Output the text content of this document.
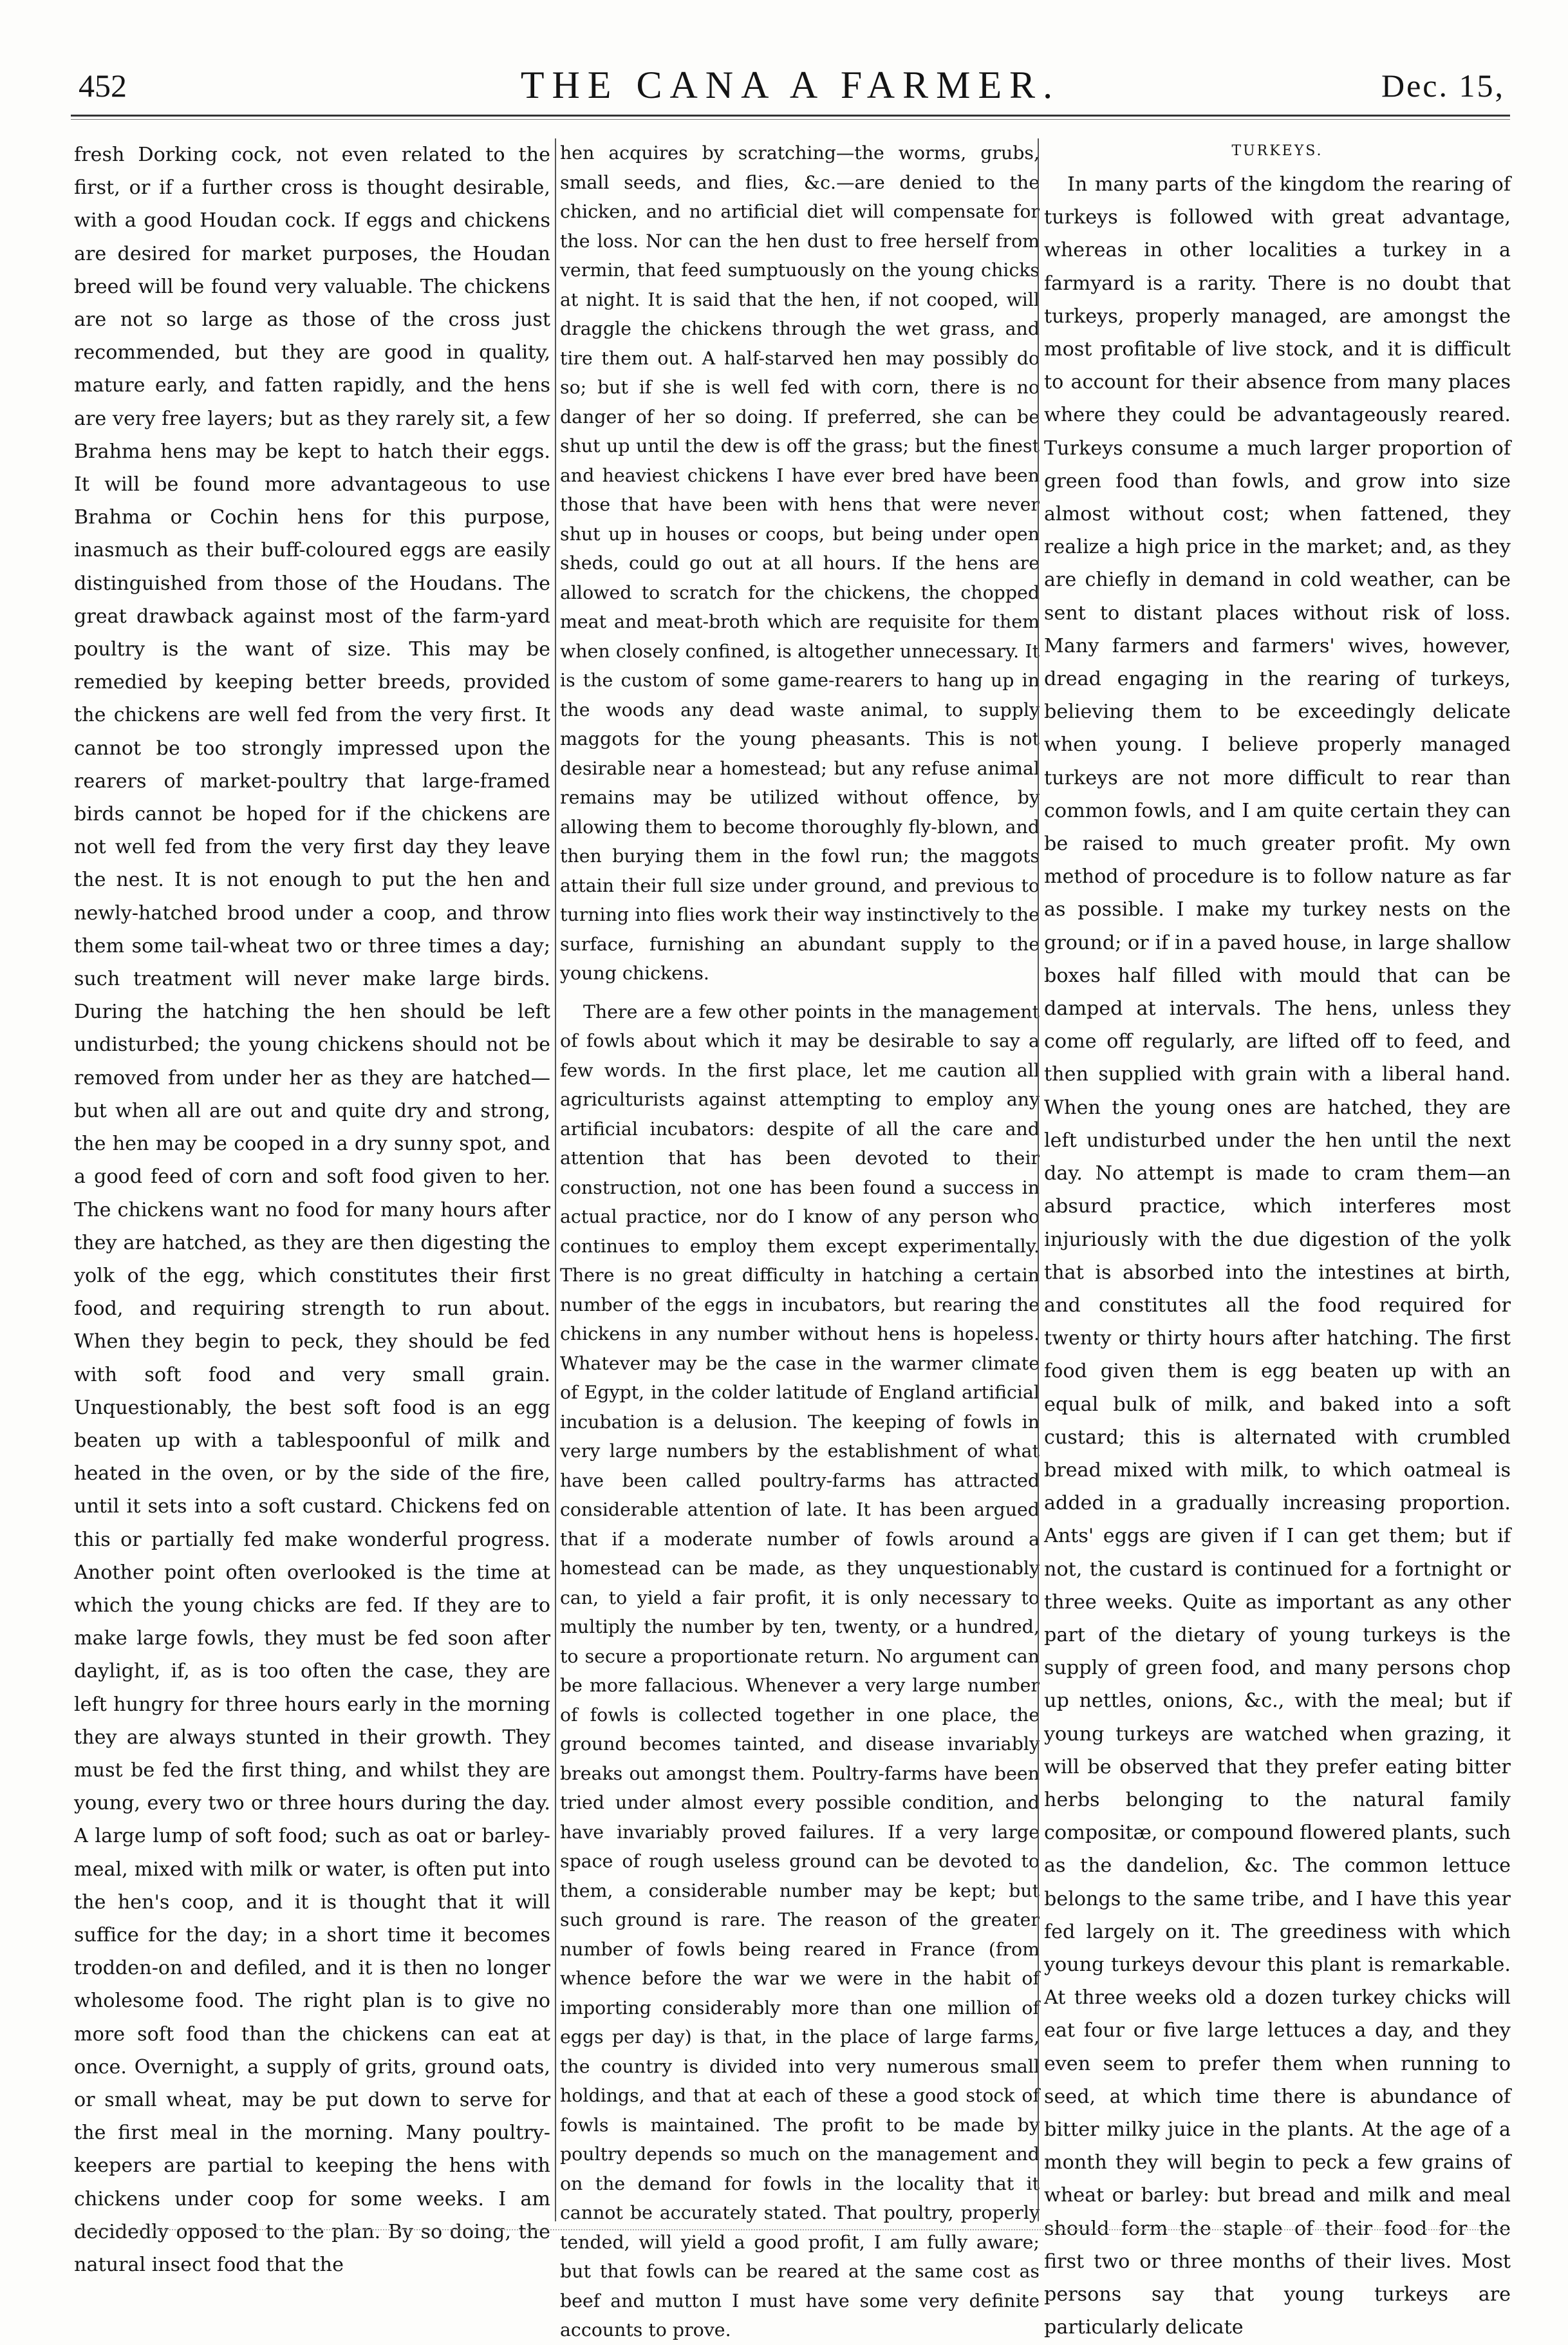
452	THE CANA A FARMER.	Dec. 15,

fresh Dorking cock, not even related to the first, or if a further cross is thought desirable, with a good Houdan cock. If eggs and chickens are desired for market purposes, the Houdan breed will be found very valuable. The chickens are not so large as those of the cross just recommended, but they are good in quality, mature early, and fatten rapidly, and the hens are very free layers; but as they rarely sit, a few Brahma hens may be kept to hatch their eggs. It will be found more advantageous to use Brahma or Cochin hens for this purpose, inasmuch as their buff-coloured eggs are easily distinguished from those of the Houdans. The great drawback against most of the farm-yard poultry is the want of size. This may be remedied by keeping better breeds, provided the chickens are well fed from the very first. It cannot be too strongly impressed upon the rearers of market-poultry that large-framed birds cannot be hoped for if the chickens are not well fed from the very first day they leave the nest. It is not enough to put the hen and newly-hatched brood under a coop, and throw them some tail-wheat two or three times a day; such treatment will never make large birds. During the hatching the hen should be left undisturbed; the young chickens should not be removed from under her as they are hatched—but when all are out and quite dry and strong, the hen may be cooped in a dry sunny spot, and a good feed of corn and soft food given to her. The chickens want no food for many hours after they are hatched, as they are then digesting the yolk of the egg, which constitutes their first food, and requiring strength to run about. When they begin to peck, they should be fed with soft food and very small grain. Unquestionably, the best soft food is an egg beaten up with a tablespoonful of milk and heated in the oven, or by the side of the fire, until it sets into a soft custard. Chickens fed on this or partially fed make wonderful progress. Another point often overlooked is the time at which the young chicks are fed. If they are to make large fowls, they must be fed soon after daylight, if, as is too often the case, they are left hungry for three hours early in the morning they are always stunted in their growth. They must be fed the first thing, and whilst they are young, every two or three hours during the day. A large lump of soft food; such as oat or barley-meal, mixed with milk or water, is often put into the hen's coop, and it is thought that it will suffice for the day; in a short time it becomes trodden-on and defiled, and it is then no longer wholesome food. The right plan is to give no more soft food than the chickens can eat at once. Overnight, a supply of grits, ground oats, or small wheat, may be put down to serve for the first meal in the morning. Many poultry-keepers are partial to keeping the hens with chickens under coop for some weeks. I am decidedly opposed to the plan. By so doing, the natural insect food that the

hen acquires by scratching—the worms, grubs, small seeds, and flies, &c.—are denied to the chicken, and no artificial diet will compensate for the loss. Nor can the hen dust to free herself from vermin, that feed sumptuously on the young chicks at night. It is said that the hen, if not cooped, will draggle the chickens through the wet grass, and tire them out. A half-starved hen may possibly do so; but if she is well fed with corn, there is no danger of her so doing. If preferred, she can be shut up until the dew is off the grass; but the finest and heaviest chickens I have ever bred have been those that have been with hens that were never shut up in houses or coops, but being under open sheds, could go out at all hours. If the hens are allowed to scratch for the chickens, the chopped meat and meat-broth which are requisite for them when closely confined, is altogether unnecessary. It is the custom of some game-rearers to hang up in the woods any dead waste animal, to supply maggots for the young pheasants. This is not desirable near a homestead; but any refuse animal remains may be utilized without offence, by allowing them to become thoroughly fly-blown, and then burying them in the fowl run; the maggots attain their full size under ground, and previous to turning into flies work their way instinctively to the surface, furnishing an abundant supply to the young chickens.

There are a few other points in the management of fowls about which it may be desirable to say a few words. In the first place, let me caution all agriculturists against attempting to employ any artificial incubators: despite of all the care and attention that has been devoted to their construction, not one has been found a success in actual practice, nor do I know of any person who continues to employ them except experimentally. There is no great difficulty in hatching a certain number of the eggs in incubators, but rearing the chickens in any number without hens is hopeless. Whatever may be the case in the warmer climate of Egypt, in the colder latitude of England artificial incubation is a delusion. The keeping of fowls in very large numbers by the establishment of what have been called poultry-farms has attracted considerable attention of late. It has been argued that if a moderate number of fowls around a homestead can be made, as they unquestionably can, to yield a fair profit, it is only necessary to multiply the number by ten, twenty, or a hundred, to secure a proportionate return. No argument can be more fallacious. Whenever a very large number of fowls is collected together in one place, the ground becomes tainted, and disease invariably breaks out amongst them. Poultry-farms have been tried under almost every possible condition, and have invariably proved failures. If a very large space of rough useless ground can be devoted to them, a considerable number may be kept; but such ground is rare. The reason of the greater number of fowls being reared in France (from whence before the war we were in the habit of importing considerably more than one million of eggs per day) is that, in the place of large farms, the country is divided into very numerous small holdings, and that at each of these a good stock of fowls is maintained. The profit to be made by poultry depends so much on the management and on the demand for fowls in the locality that it cannot be accurately stated. That poultry, properly tended, will yield a good profit, I am fully aware; but that fowls can be reared at the same cost as beef and mutton I must have some very definite accounts to prove.

TURKEYS.

In many parts of the kingdom the rearing of turkeys is followed with great advantage, whereas in other localities a turkey in a farmyard is a rarity. There is no doubt that turkeys, properly managed, are amongst the most profitable of live stock, and it is difficult to account for their absence from many places where they could be advantageously reared. Turkeys consume a much larger proportion of green food than fowls, and grow into size almost without cost; when fattened, they realize a high price in the market; and, as they are chiefly in demand in cold weather, can be sent to distant places without risk of loss. Many farmers and farmers' wives, however, dread engaging in the rearing of turkeys, believing them to be exceedingly delicate when young. I believe properly managed turkeys are not more difficult to rear than common fowls, and I am quite certain they can be raised to much greater profit. My own method of procedure is to follow nature as far as possible. I make my turkey nests on the ground; or if in a paved house, in large shallow boxes half filled with mould that can be damped at intervals. The hens, unless they come off regularly, are lifted off to feed, and then supplied with grain with a liberal hand. When the young ones are hatched, they are left undisturbed under the hen until the next day. No attempt is made to cram them—an absurd practice, which interferes most injuriously with the due digestion of the yolk that is absorbed into the intestines at birth, and constitutes all the food required for twenty or thirty hours after hatching. The first food given them is egg beaten up with an equal bulk of milk, and baked into a soft custard; this is alternated with crumbled bread mixed with milk, to which oatmeal is added in a gradually increasing proportion. Ants' eggs are given if I can get them; but if not, the custard is continued for a fortnight or three weeks. Quite as important as any other part of the dietary of young turkeys is the supply of green food, and many persons chop up nettles, onions, &c., with the meal; but if young turkeys are watched when grazing, it will be observed that they prefer eating bitter herbs belonging to the natural family compositæ, or compound flowered plants, such as the dandelion, &c. The common lettuce belongs to the same tribe, and I have this year fed largely on it. The greediness with which young turkeys devour this plant is remarkable. At three weeks old a dozen turkey chicks will eat four or five large lettuces a day, and they even seem to prefer them when running to seed, at which time there is abundance of bitter milky juice in the plants. At the age of a month they will begin to peck a few grains of wheat or barley: but bread and milk and meal should form the staple of their food for the first two or three months of their lives. Most persons say that young turkeys are particularly delicate
